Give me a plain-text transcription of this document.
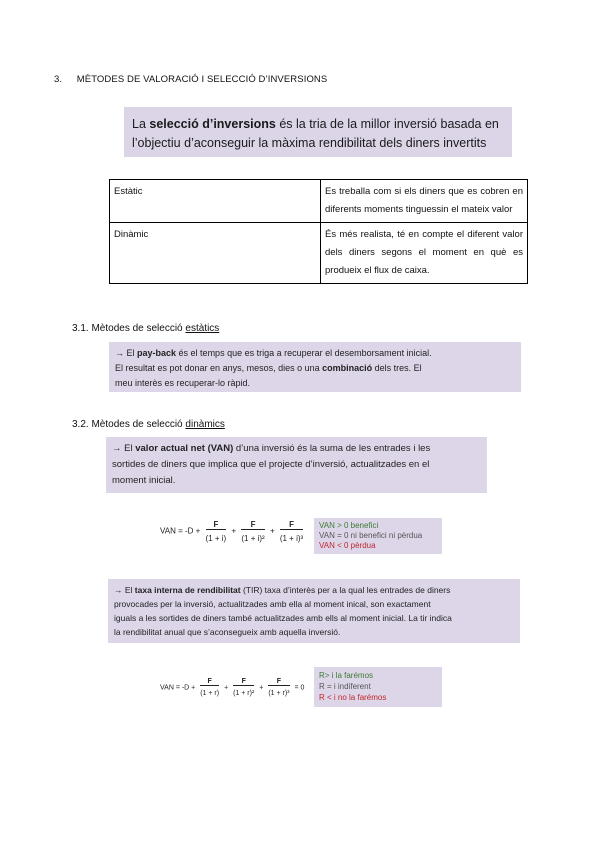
3. MÈTODES DE VALORACIÓ I SELECCIÓ D’INVERSIONS
La selecció d’inversions és la tria de la millor inversió basada en
l’objectiu d’aconseguir la màxima rendibilitat dels diners invertits
Estàtic	Es treballa com si els diners que es cobren en diferents moments tinguessin el mateix valor
Dinàmic	És més realista, té en compte el diferent valor dels diners segons el moment en què es produeix el flux de caixa.
3.1. Mètodes de selecció estàtics
→ El pay-back és el temps que es triga a recuperar el desemborsament inicial.
El resultat es pot donar en anys, mesos, dies o una combinació dels tres. El
meu interès es recuperar-lo ràpid.
3.2. Mètodes de selecció dinàmics
→ El valor actual net (VAN) d’una inversió és la suma de les entrades i les
sortides de diners que implica que el projecte d’inversió, actualitzades en el
moment inicial.
VAN = $-D + \frac{F}{(1 + i)} + \frac{F}{\text{(1 + i)²}} + \frac{F}{\text{(1 + i)³}}$ VAN > 0 benefici
VAN = 0 ni benefici ni pèrdua
VAN < 0 pèrdua
→ El taxa interna de rendibilitat (TIR) taxa d’interès per a la qual les entrades de diners
provocades per la inversió, actualitzades amb ella al moment inical, son exactament
iguals a les sortides de diners també actualitzades amb ells al moment inicial. La tir indica
la rendibilitat anual que s’aconsegueix amb aquella inversió.
VAN = $-D + \frac{F}{(1 + r)} + \frac{F}{\text{(1 + r)²}} + \frac{F}{\text{(1 + r)³}} = 0$
R> i la farémos
R = i indiferent
R < i no la farémos
